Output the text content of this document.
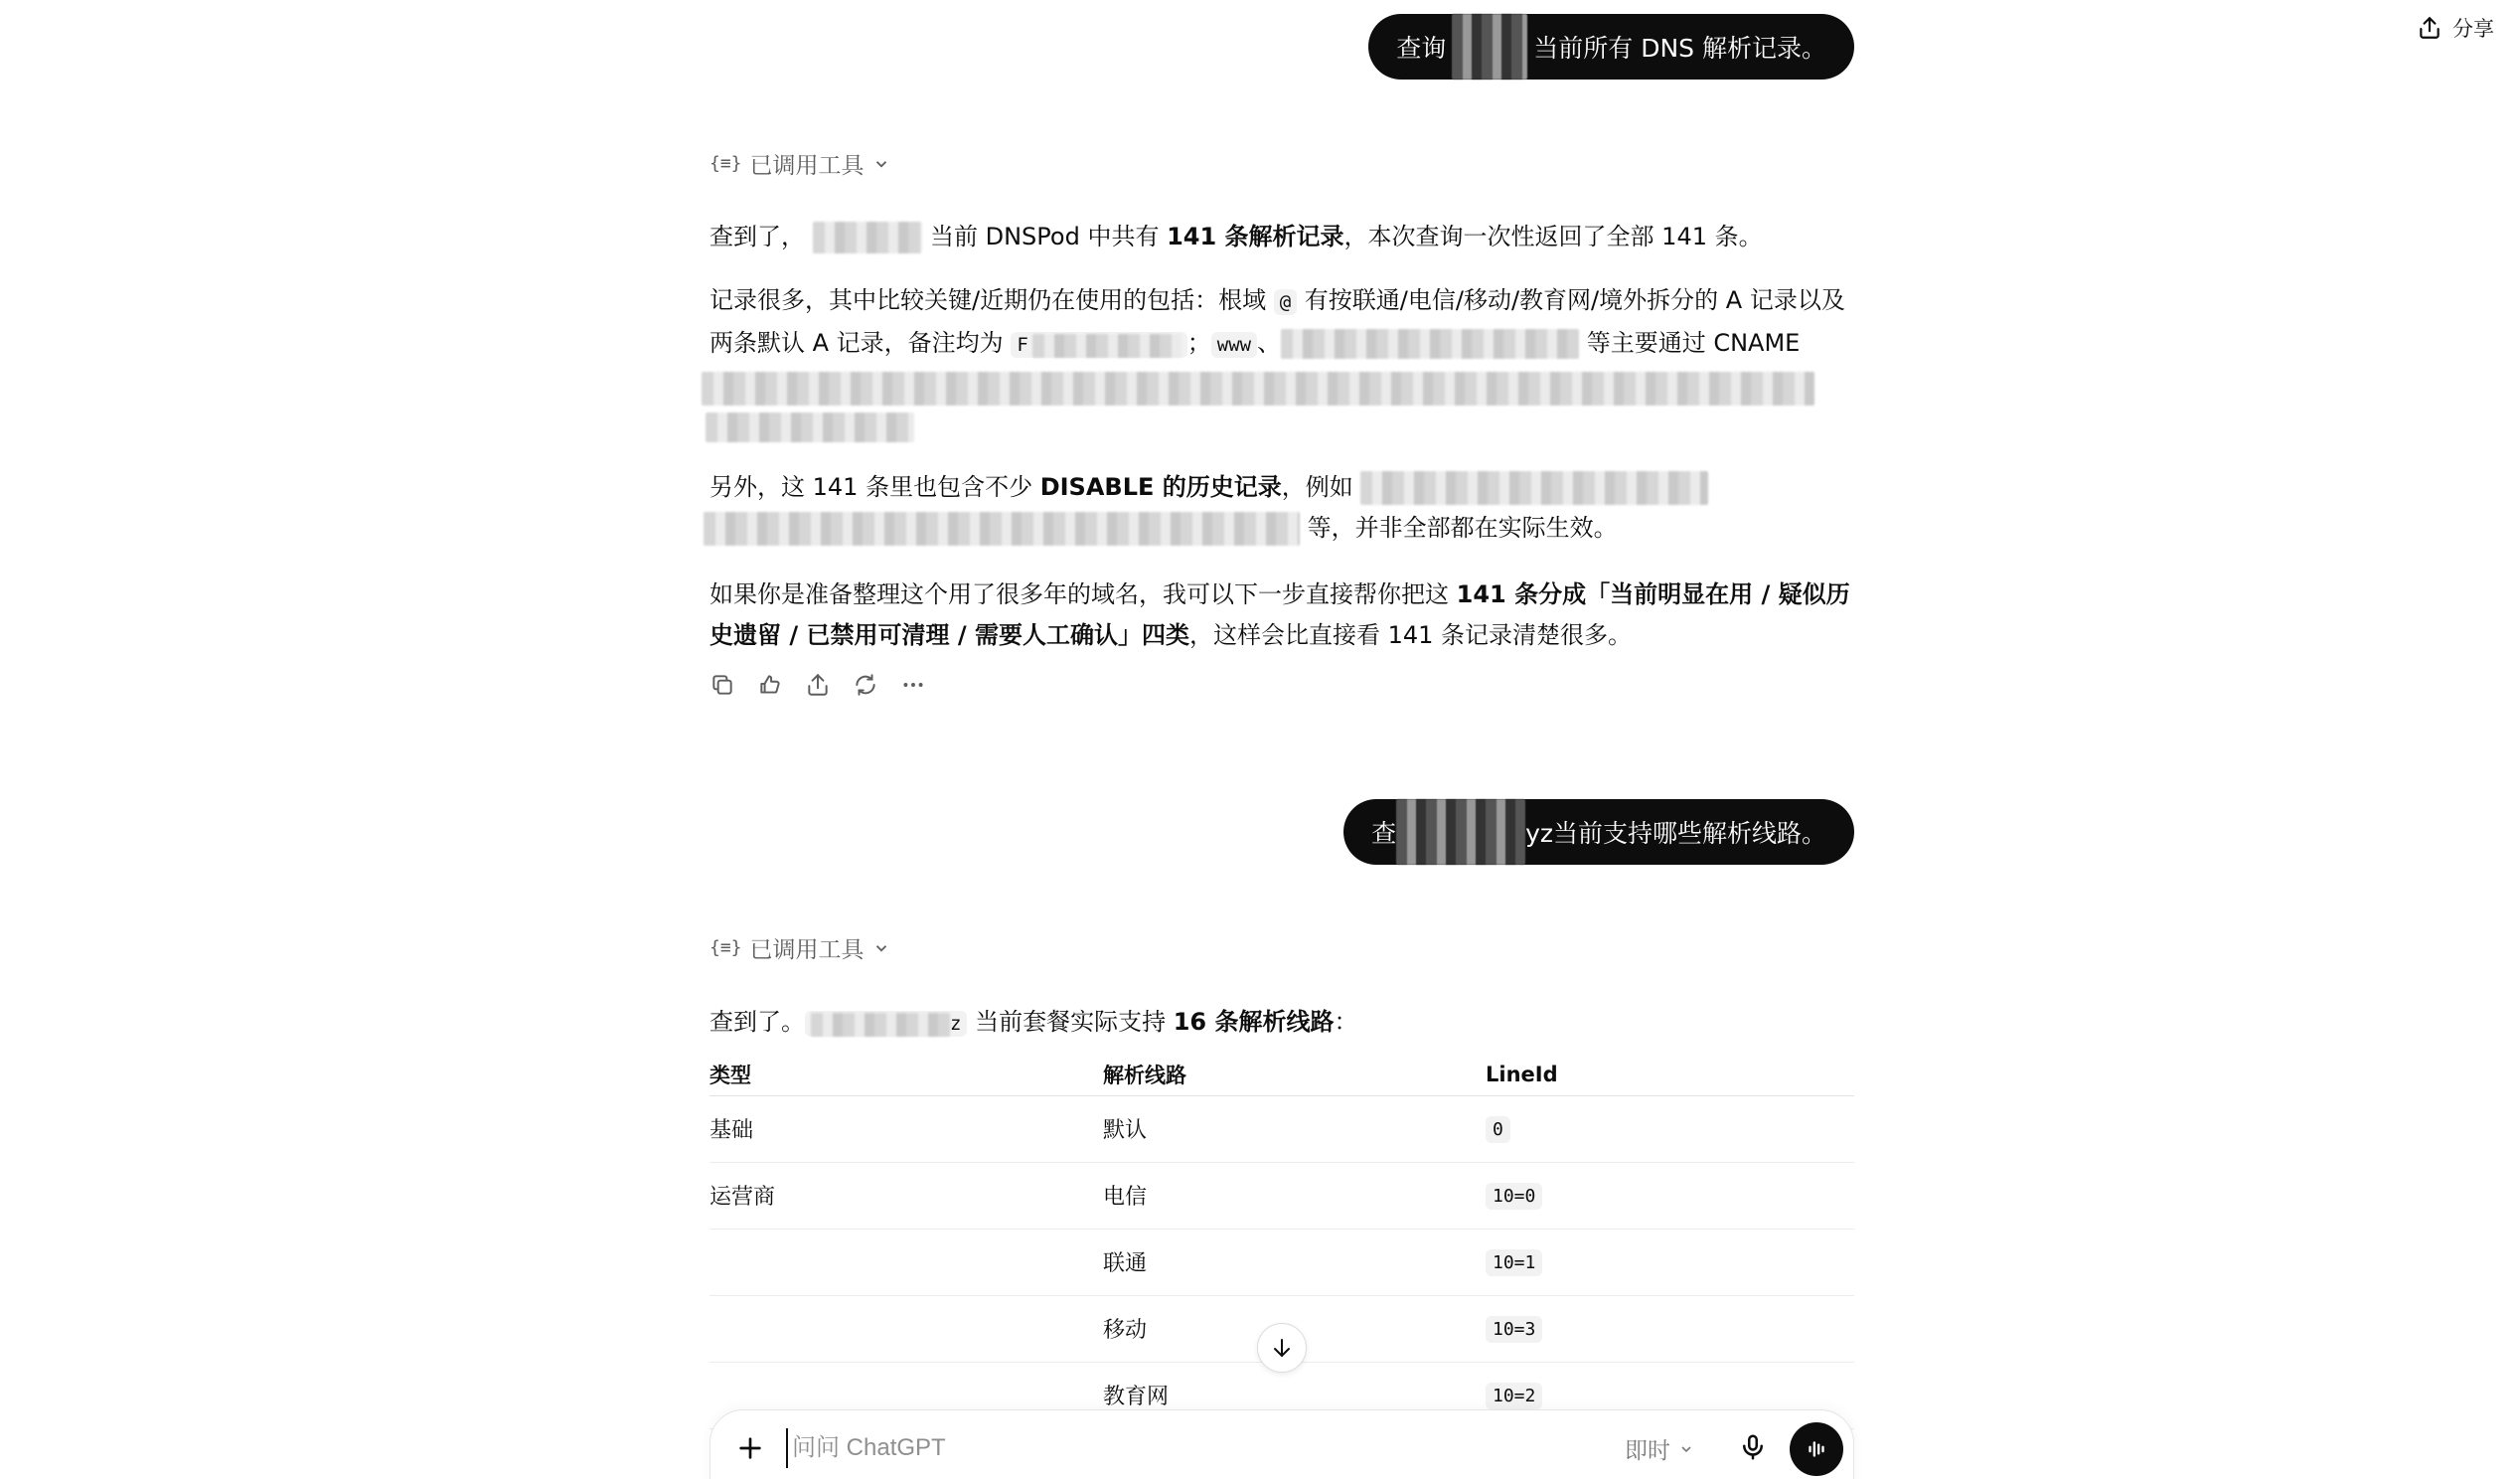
分享
查询	当前所有 DNS 解析记录。
{≡} 已调用工具
查到了，	当前 DNSPod 中共有 141 条解析记录，本次查询一次性返回了全部 141 条。
记录很多，其中比较关键/近期仍在使用的包括：根域 @ 有按联通/电信/移动/教育网/境外拆分的 A 记录以及两条默认 A 记录，备注均为 F	； www 、	等主要通过 CNAME

另外，这 141 条里也包含不少 DISABLE 的历史记录，例如
等，并非全部都在实际生效。
如果你是准备整理这个用了很多年的域名，我可以下一步直接帮你把这 141 条分成「当前明显在用 / 疑似历史遗留 / 已禁用可清理 / 需要人工确认」四类，这样会比直接看 141 条记录清楚很多。
查	yz当前支持哪些解析线路。
{≡} 已调用工具
查到了。	z 当前套餐实际支持 16 条解析线路：
类型	解析线路	LineId
基础	默认	0
运营商	电信	10=0
	联通	10=1
	移动	10=3
	教育网	10=2
问问 ChatGPT
即时
